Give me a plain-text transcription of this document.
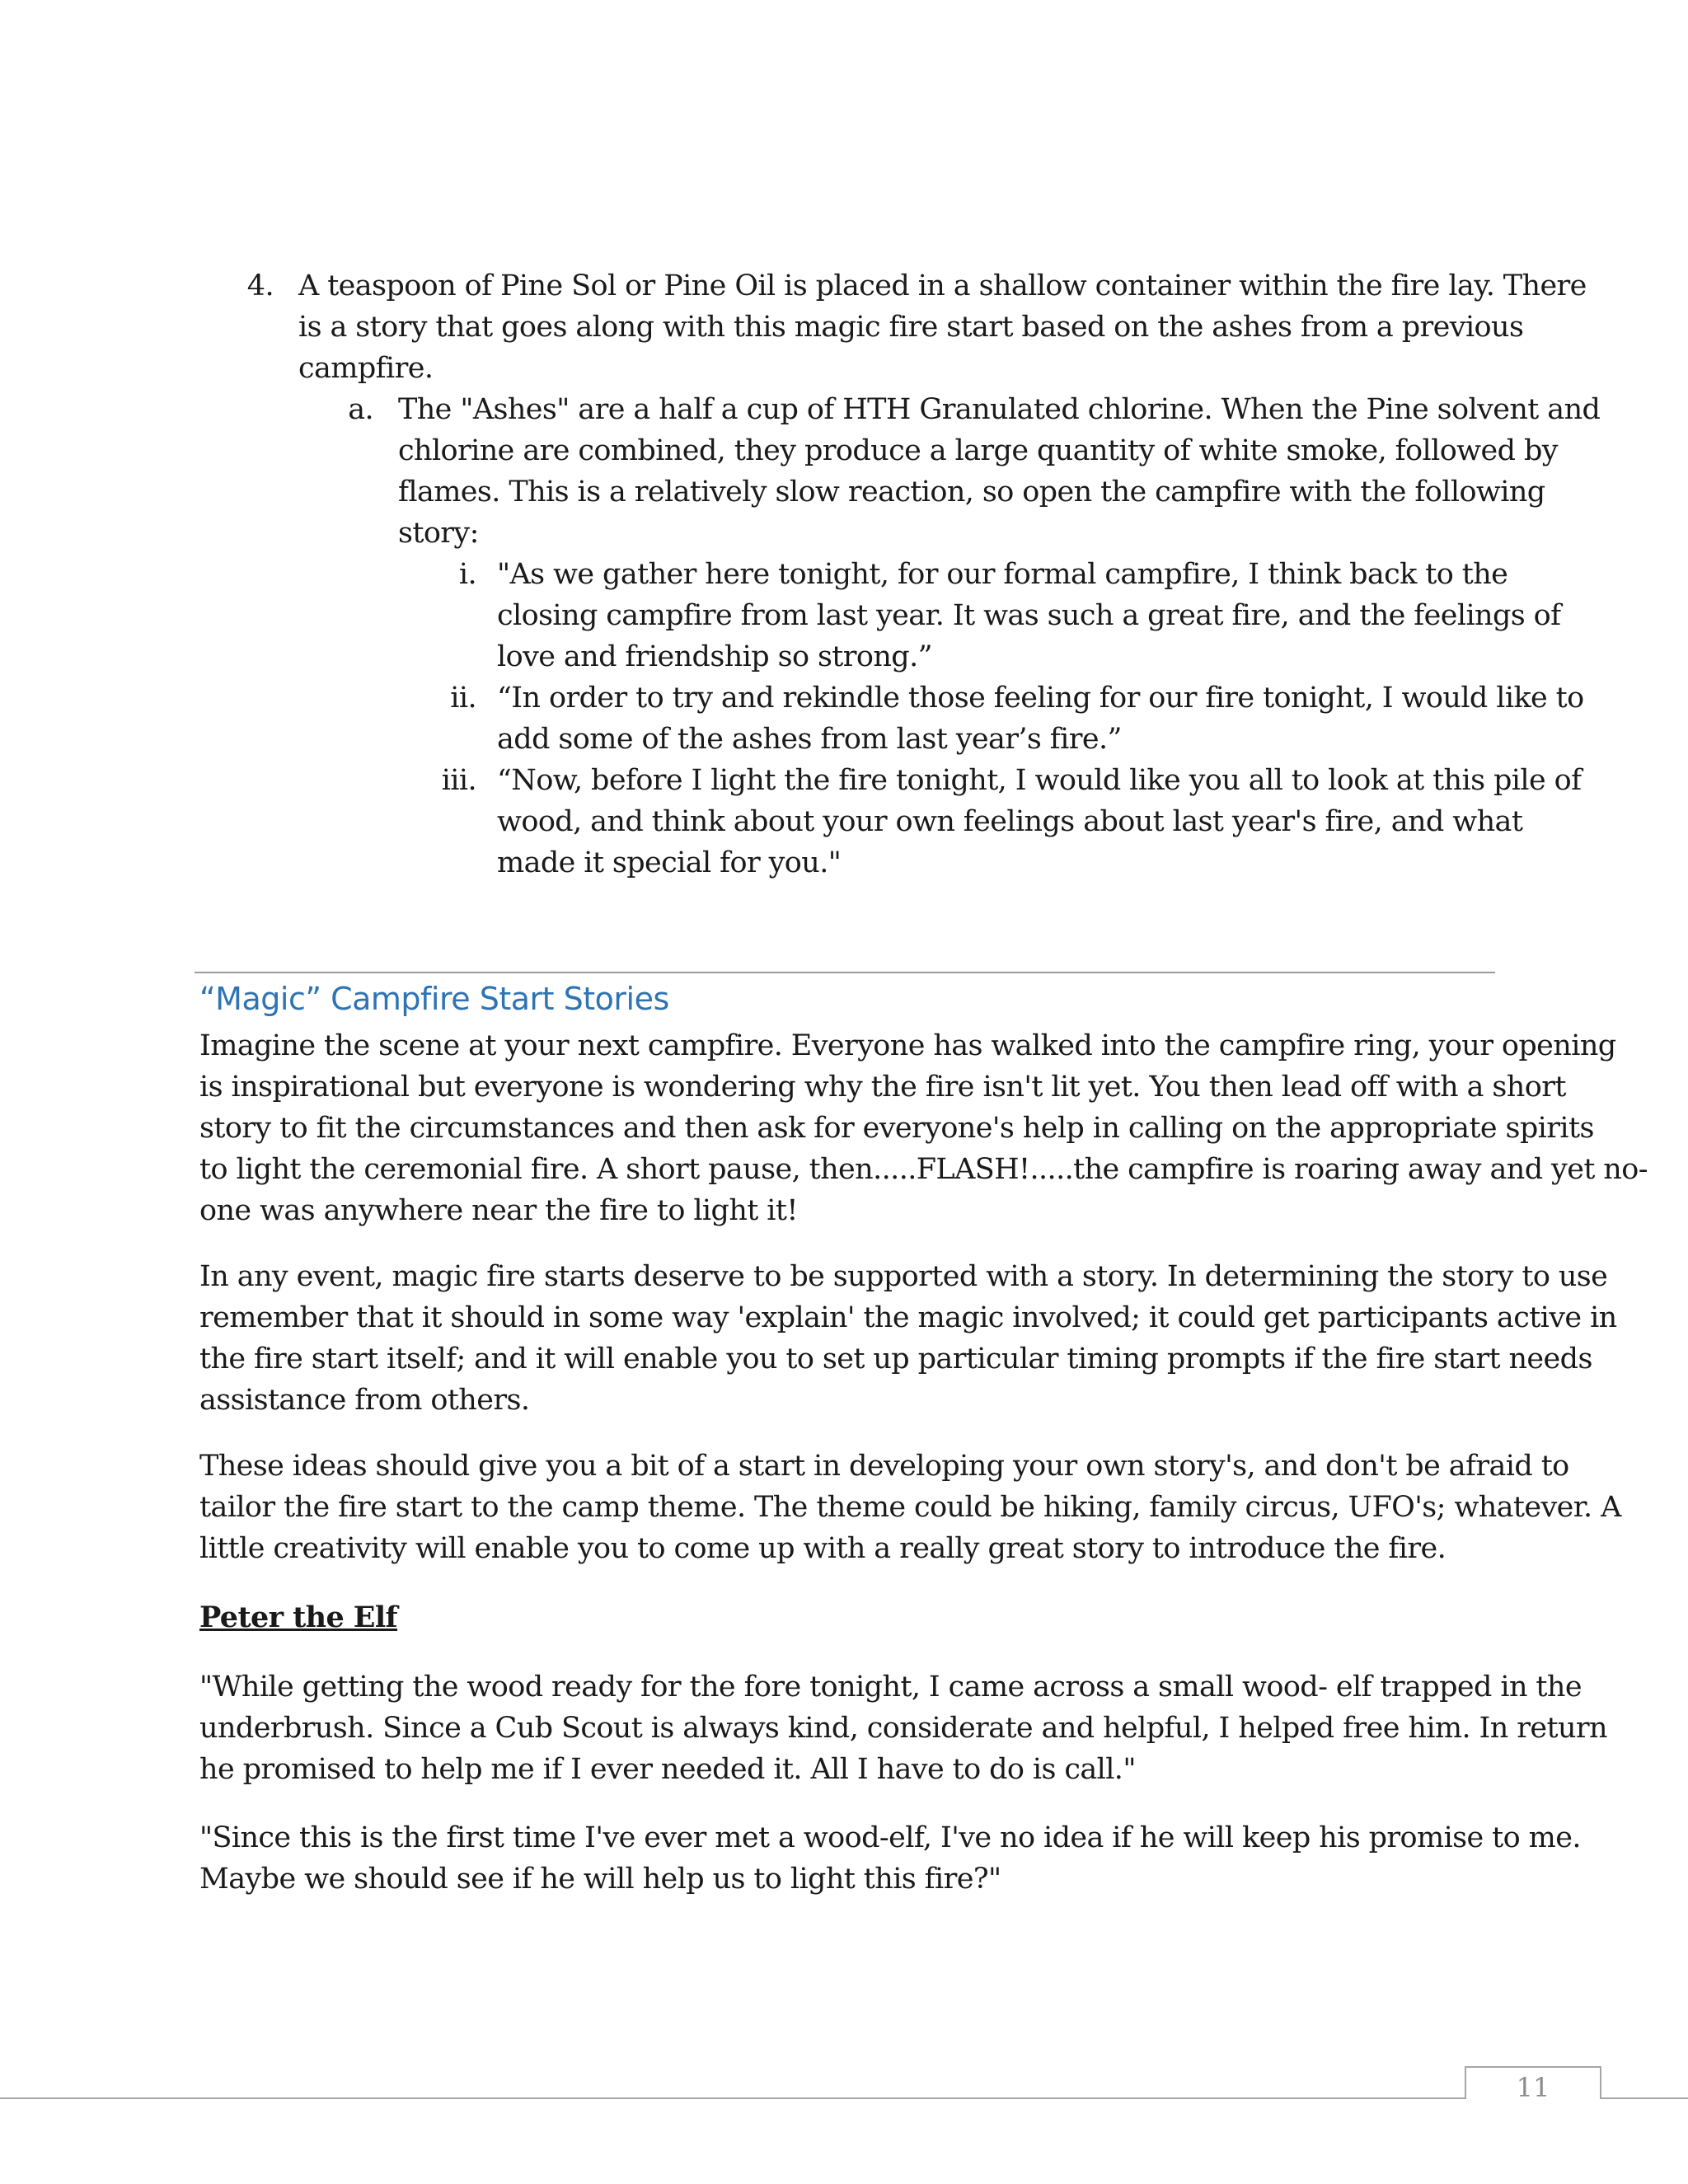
4. A teaspoon of Pine Sol or Pine Oil is placed in a shallow container within the fire lay. There
is a story that goes along with this magic fire start based on the ashes from a previous
campfire.
a. The "Ashes" are a half a cup of HTH Granulated chlorine. When the Pine solvent and
chlorine are combined, they produce a large quantity of white smoke, followed by
flames. This is a relatively slow reaction, so open the campfire with the following
story:
i. "As we gather here tonight, for our formal campfire, I think back to the
closing campfire from last year. It was such a great fire, and the feelings of
love and friendship so strong.”
ii. “In order to try and rekindle those feeling for our fire tonight, I would like to
add some of the ashes from last year’s fire.”
iii. “Now, before I light the fire tonight, I would like you all to look at this pile of
wood, and think about your own feelings about last year's fire, and what
made it special for you."
“Magic” Campfire Start Stories
Imagine the scene at your next campfire. Everyone has walked into the campfire ring, your opening
is inspirational but everyone is wondering why the fire isn't lit yet. You then lead off with a short
story to fit the circumstances and then ask for everyone's help in calling on the appropriate spirits
to light the ceremonial fire. A short pause, then.....FLASH!.....the campfire is roaring away and yet no-
one was anywhere near the fire to light it!
In any event, magic fire starts deserve to be supported with a story. In determining the story to use
remember that it should in some way 'explain' the magic involved; it could get participants active in
the fire start itself; and it will enable you to set up particular timing prompts if the fire start needs
assistance from others.
These ideas should give you a bit of a start in developing your own story's, and don't be afraid to
tailor the fire start to the camp theme. The theme could be hiking, family circus, UFO's; whatever. A
little creativity will enable you to come up with a really great story to introduce the fire.
Peter the Elf
"While getting the wood ready for the fore tonight, I came across a small wood- elf trapped in the
underbrush. Since a Cub Scout is always kind, considerate and helpful, I helped free him. In return
he promised to help me if I ever needed it. All I have to do is call."
"Since this is the first time I've ever met a wood-elf, I've no idea if he will keep his promise to me.
Maybe we should see if he will help us to light this fire?"
11
